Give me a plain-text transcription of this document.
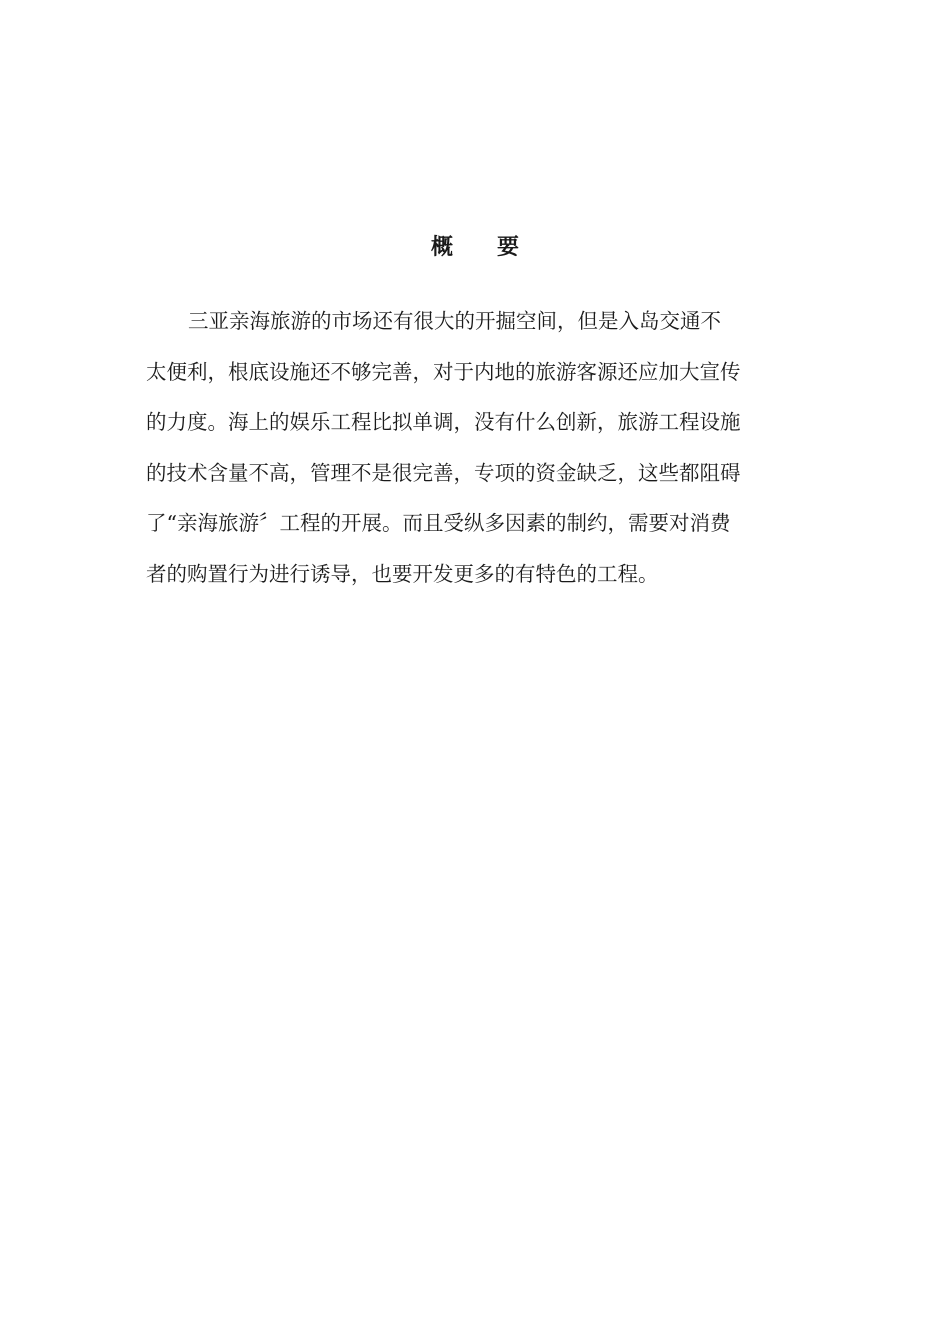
概 要
三亚亲海旅游的市场还有很大的开掘空间，但是入岛交通不
太便利，根底设施还不够完善，对于内地的旅游客源还应加大宣传
的力度。海上的娱乐工程比拟单调，没有什么创新，旅游工程设施
的技术含量不高，管理不是很完善，专项的资金缺乏，这些都阻碍
了“亲海旅游〞工程的开展。而且受纵多因素的制约，需要对消费
者的购置行为进行诱导，也要开发更多的有特色的工程。
